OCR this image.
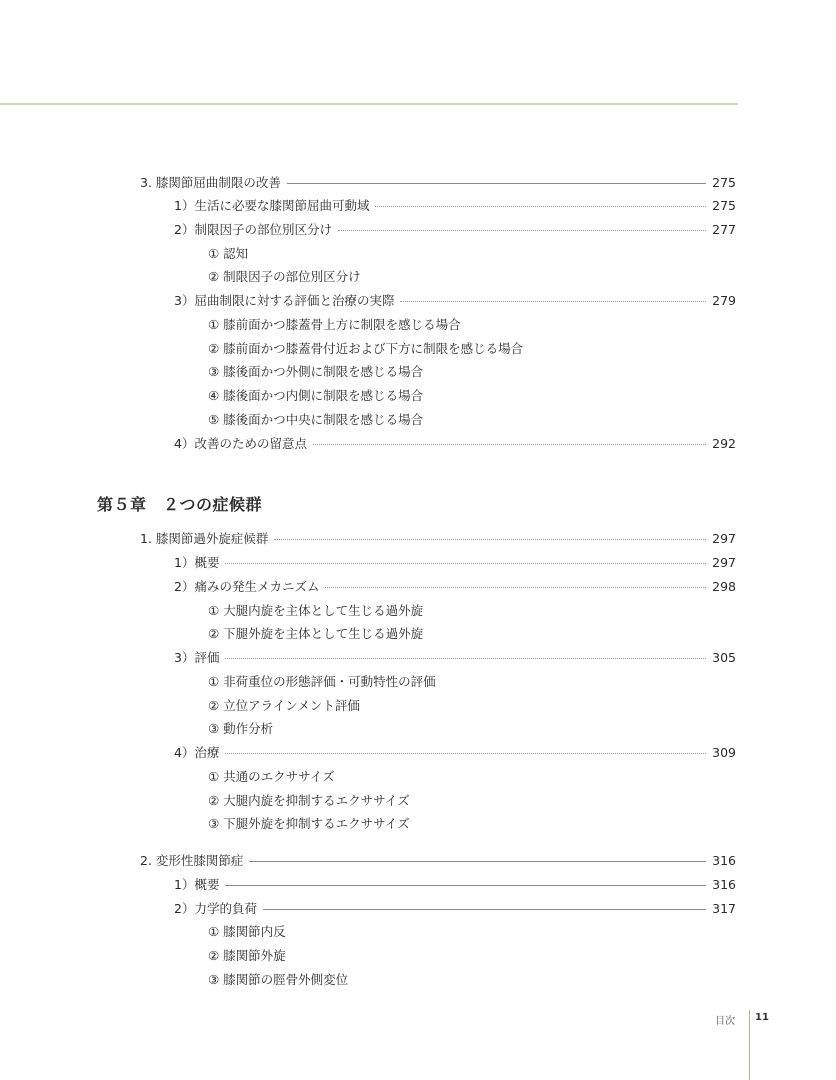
3. 膝関節屈曲制限の改善	275
1）生活に必要な膝関節屈曲可動域	275
2）制限因子の部位別区分け	277
① 認知
② 制限因子の部位別区分け
3）屈曲制限に対する評価と治療の実際	279
① 膝前面かつ膝蓋骨上方に制限を感じる場合
② 膝前面かつ膝蓋骨付近および下方に制限を感じる場合
③ 膝後面かつ外側に制限を感じる場合
④ 膝後面かつ内側に制限を感じる場合
⑤ 膝後面かつ中央に制限を感じる場合
4）改善のための留意点	292
第５章　２つの症候群
1. 膝関節過外旋症候群	297
1）概要	297
2）痛みの発生メカニズム	298
① 大腿内旋を主体として生じる過外旋
② 下腿外旋を主体として生じる過外旋
3）評価	305
① 非荷重位の形態評価・可動特性の評価
② 立位アラインメント評価
③ 動作分析
4）治療	309
① 共通のエクササイズ
② 大腿内旋を抑制するエクササイズ
③ 下腿外旋を抑制するエクササイズ
2. 変形性膝関節症	316
1）概要	316
2）力学的負荷	317
① 膝関節内反
② 膝関節外旋
③ 膝関節の脛骨外側変位
目次 11
